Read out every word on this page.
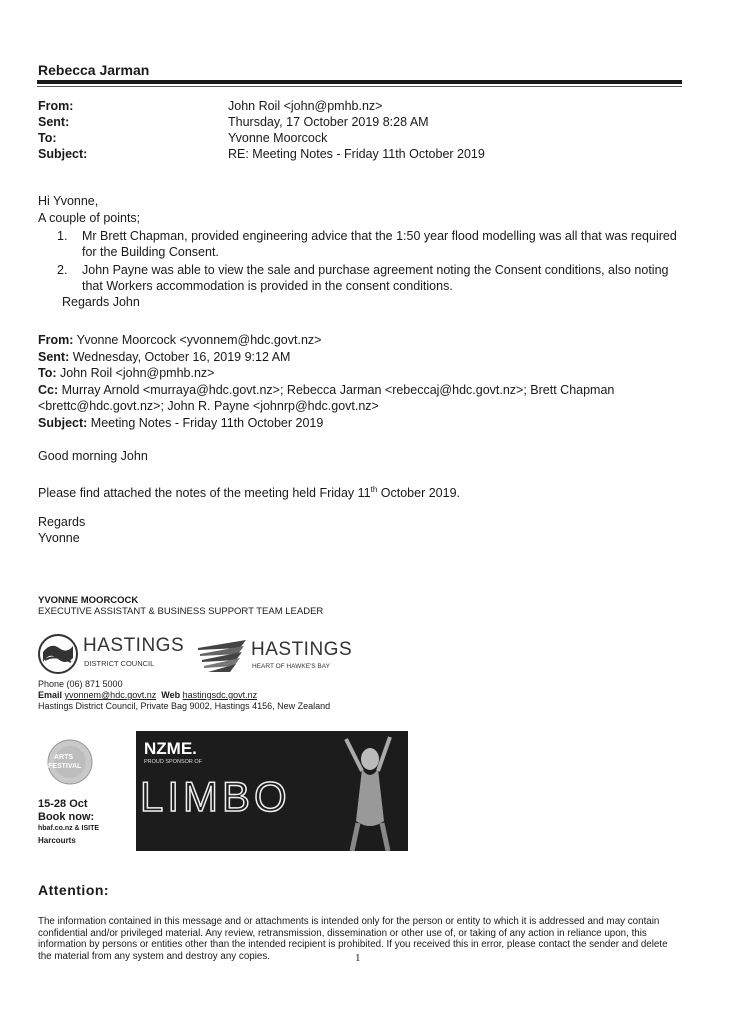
Rebecca Jarman
From:	John Roil <john@pmhb.nz>
Sent:	Thursday, 17 October 2019 8:28 AM
To:	Yvonne Moorcock
Subject:	RE: Meeting Notes - Friday 11th October 2019
Hi Yvonne,
A couple of points;
1. Mr Brett Chapman, provided engineering advice that the 1:50 year flood modelling was all that was required for the Building Consent.
2. John Payne was able to view the sale and purchase agreement noting the Consent conditions, also noting that Workers accommodation is provided in the consent conditions.
Regards John
From: Yvonne Moorcock <yvonnem@hdc.govt.nz>
Sent: Wednesday, October 16, 2019 9:12 AM
To: John Roil <john@pmhb.nz>
Cc: Murray Arnold <murraya@hdc.govt.nz>; Rebecca Jarman <rebeccaj@hdc.govt.nz>; Brett Chapman <brettc@hdc.govt.nz>; John R. Payne <johnrp@hdc.govt.nz>
Subject: Meeting Notes - Friday 11th October 2019
Good morning John
Please find attached the notes of the meeting held Friday 11th October 2019.
Regards
Yvonne
YVONNE MOORCOCK
EXECUTIVE ASSISTANT & BUSINESS SUPPORT TEAM LEADER
HASTINGS
DISTRICT COUNCIL
HASTINGS
HEART OF HAWKE'S BAY
Phone (06) 871 5000
Email yvonnem@hdc.govt.nz Web hastingsdc.govt.nz
Hastings District Council, Private Bag 9002, Hastings 4156, New Zealand
ARTS
FESTIVAL
15-28 Oct
Book now:
hbaf.co.nz & ISITE
Harcourts
NZME.
PROUD SPONSOR OF
LIMBO
Attention:
The information contained in this message and or attachments is intended only for the person or entity to which it is addressed and may contain confidential and/or privileged material. Any review, retransmission, dissemination or other use of, or taking of any action in reliance upon, this information by persons or entities other than the intended recipient is prohibited. If you received this in error, please contact the sender and delete the material from any system and destroy any copies.	1
